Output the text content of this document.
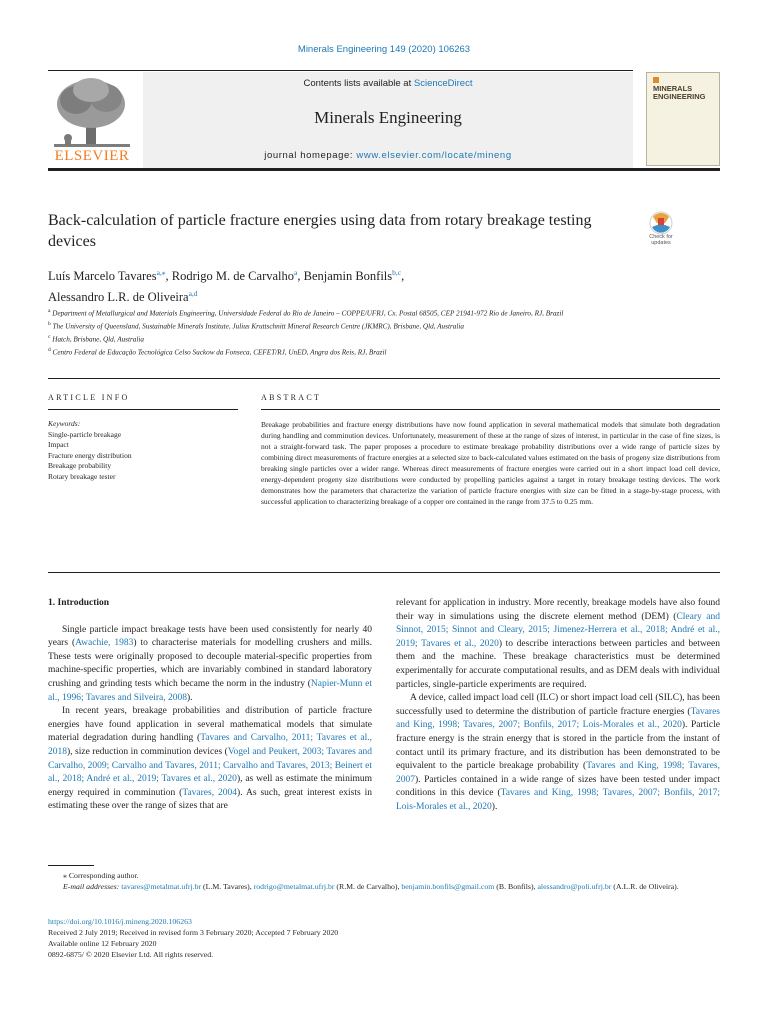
Minerals Engineering 149 (2020) 106263
ELSEVIER
Contents lists available at ScienceDirect
Minerals Engineering
journal homepage: www.elsevier.com/locate/mineng
MINERALS
ENGINEERING
Back-calculation of particle fracture energies using data from rotary breakage testing devices	Check for
updates
Luís Marcelo Tavares$^{a,⁎}$, Rodrigo M. de Carvalho$^a$, Benjamin Bonfils$^{b,c}$,
Alessandro L.R. de Oliveira$^{a,d}$
$^a$ Department of Metallurgical and Materials Engineering, Universidade Federal do Rio de Janeiro – COPPE/UFRJ, Cx. Postal 68505, CEP 21941-972 Rio de Janeiro, RJ, Brazil
$^b$ The University of Queensland, Sustainable Minerals Institute, Julius Kruttschnitt Mineral Research Centre (JKMRC), Brisbane, Qld, Australia
$^c$ Hatch, Brisbane, Qld, Australia
$^d$ Centro Federal de Educação Tecnológica Celso Suckow da Fonseca, CEFET/RJ, UnED, Angra dos Reis, RJ, Brazil
ARTICLE INFO
Keywords:
Single-particle breakage
Impact
Fracture energy distribution
Breakage probability
Rotary breakage tester
ABSTRACT
Breakage probabilities and fracture energy distributions have now found application in several mathematical models that simulate both degradation during handling and comminution devices. Unfortunately, measurement of these at the range of sizes of interest, in particular in the case of fine sizes, is not a straight-forward task. The paper proposes a procedure to estimate breakage probability distributions over a wide range of particle sizes by combining direct measurements of fracture energies at a selected size to back-calculated values estimated on the basis of progeny size distributions from breaking single particles over a wider range. Whereas direct measurements of fracture energies were carried out in a short impact load cell device, energy-dependent progeny size distributions were conducted by propelling particles against a target in rotary breakage testing devices. The work demonstrates how the parameters that characterize the variation of particle fracture energies with size can be fitted in a stage-by-stage process, with successful application to characterizing breakage of a copper ore contained in the range from 37.5 to 0.25 mm.
1. Introduction

Single particle impact breakage tests have been used consistently for nearly 40 years (Awachie, 1983) to characterise materials for modelling crushers and mills. These tests were originally proposed to decouple material-specific properties from machine-specific properties, which are invariably combined in standard laboratory crushing and grinding tests which became the norm in the industry (Napier-Munn et al., 1996; Tavares and Silveira, 2008).

In recent years, breakage probabilities and distribution of particle fracture energies have found application in several mathematical models that simulate material degradation during handling (Tavares and Carvalho, 2011; Tavares et al., 2018), size reduction in comminution devices (Vogel and Peukert, 2003; Tavares and Carvalho, 2009; Carvalho and Tavares, 2011; Carvalho and Tavares, 2013; Beinert et al., 2018; André et al., 2019; Tavares et al., 2020), as well as estimate the minimum energy required in comminution (Tavares, 2004). As such, great interest exists in estimating these over the range of sizes that are

relevant for application in industry. More recently, breakage models have also found their way in simulations using the discrete element method (DEM) (Cleary and Sinnot, 2015; Sinnot and Cleary, 2015; Jimenez-Herrera et al., 2018; André et al., 2019; Tavares et al., 2020) to describe interactions between particles and between them and the machine. These breakage characteristics must be determined experimentally for accurate computational results, and as DEM deals with individual particles, single-particle experiments are required.

A device, called impact load cell (ILC) or short impact load cell (SILC), has been successfully used to determine the distribution of particle fracture energies (Tavares and King, 1998; Tavares, 2007; Bonfils, 2017; Lois-Morales et al., 2020). Particle fracture energy is the strain energy that is stored in the particle from the instant of contact until its primary fracture, and its distribution has been demonstrated to be equivalent to the particle breakage probability (Tavares and King, 1998; Tavares, 2007). Particles contained in a wide range of sizes have been tested under impact conditions in this device (Tavares and King, 1998; Tavares, 2007; Bonfils, 2017; Lois-Morales et al., 2020).

⁎ Corresponding author.
E-mail addresses: tavares@metalmat.ufrj.br (L.M. Tavares), rodrigo@metalmat.ufrj.br (R.M. de Carvalho), benjamin.bonfils@gmail.com (B. Bonfils), alessandro@poli.ufrj.br (A.L.R. de Oliveira).
https://doi.org/10.1016/j.mineng.2020.106263
Received 2 July 2019; Received in revised form 3 February 2020; Accepted 7 February 2020
Available online 12 February 2020
0892-6875/ © 2020 Elsevier Ltd. All rights reserved.
